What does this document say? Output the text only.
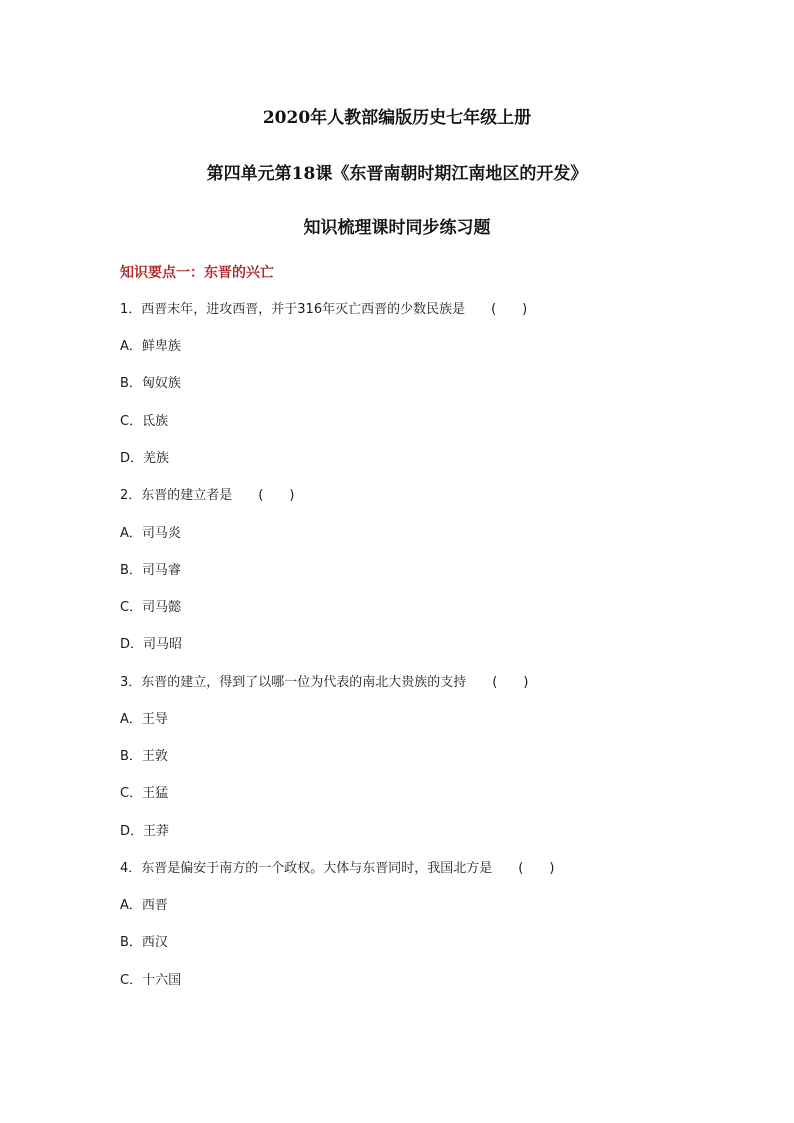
2020年人教部编版历史七年级上册
第四单元第18课《东晋南朝时期江南地区的开发》
知识梳理课时同步练习题
知识要点一：东晋的兴亡
1．西晋末年，进攻西晋，并于316年灭亡西晋的少数民族是 (　　)
A．鲜卑族
B．匈奴族
C．氐族
D．羌族
2．东晋的建立者是 (　　)
A．司马炎
B．司马睿
C．司马懿
D．司马昭
3．东晋的建立，得到了以哪一位为代表的南北大贵族的支持 (　　)
A．王导
B．王敦
C．王猛
D．王莽
4．东晋是偏安于南方的一个政权。大体与东晋同时，我国北方是 (　　)
A．西晋
B．西汉
C．十六国
